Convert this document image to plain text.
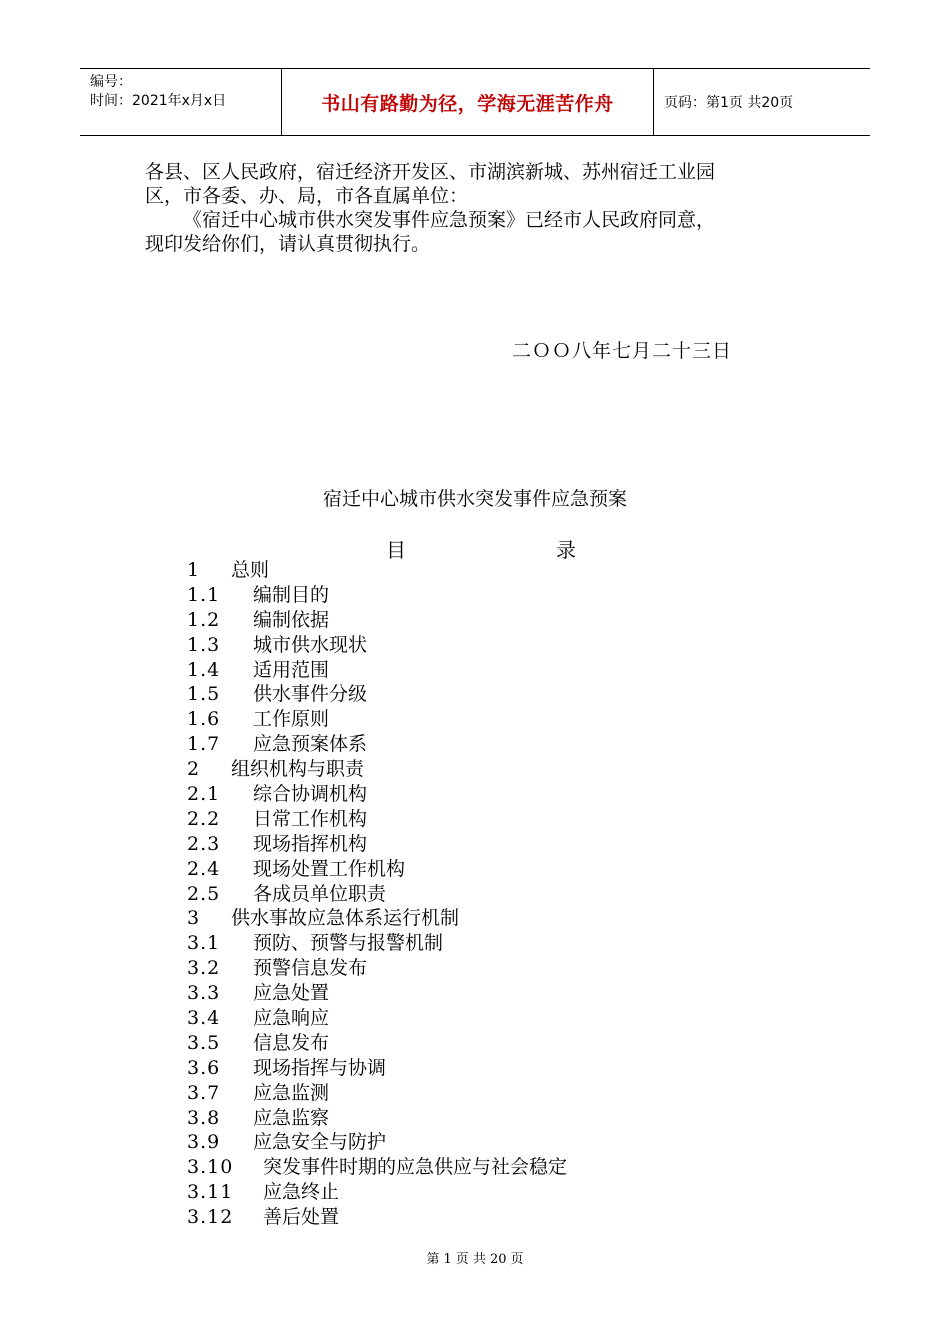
编号：
时间：2021年x月x日	书山有路勤为径，学海无涯苦作舟	页码：第1页 共20页
各县、区人民政府，宿迁经济开发区、市湖滨新城、苏州宿迁工业园
区，市各委、办、局，市各直属单位：
《宿迁中心城市供水突发事件应急预案》已经市人民政府同意，
现印发给你们，请认真贯彻执行。
二ＯＯ八年七月二十三日
宿迁中心城市供水突发事件应急预案
目	录
1	总则
1.1	编制目的
1.2	编制依据
1.3	城市供水现状
1.4	适用范围
1.5	供水事件分级
1.6	工作原则
1.7	应急预案体系
2	组织机构与职责
2.1	综合协调机构
2.2	日常工作机构
2.3	现场指挥机构
2.4	现场处置工作机构
2.5	各成员单位职责
3	供水事故应急体系运行机制
3.1	预防、预警与报警机制
3.2	预警信息发布
3.3	应急处置
3.4	应急响应
3.5	信息发布
3.6	现场指挥与协调
3.7	应急监测
3.8	应急监察
3.9	应急安全与防护
3.10	突发事件时期的应急供应与社会稳定
3.11	应急终止
3.12	善后处置
第 1 页 共 20 页
